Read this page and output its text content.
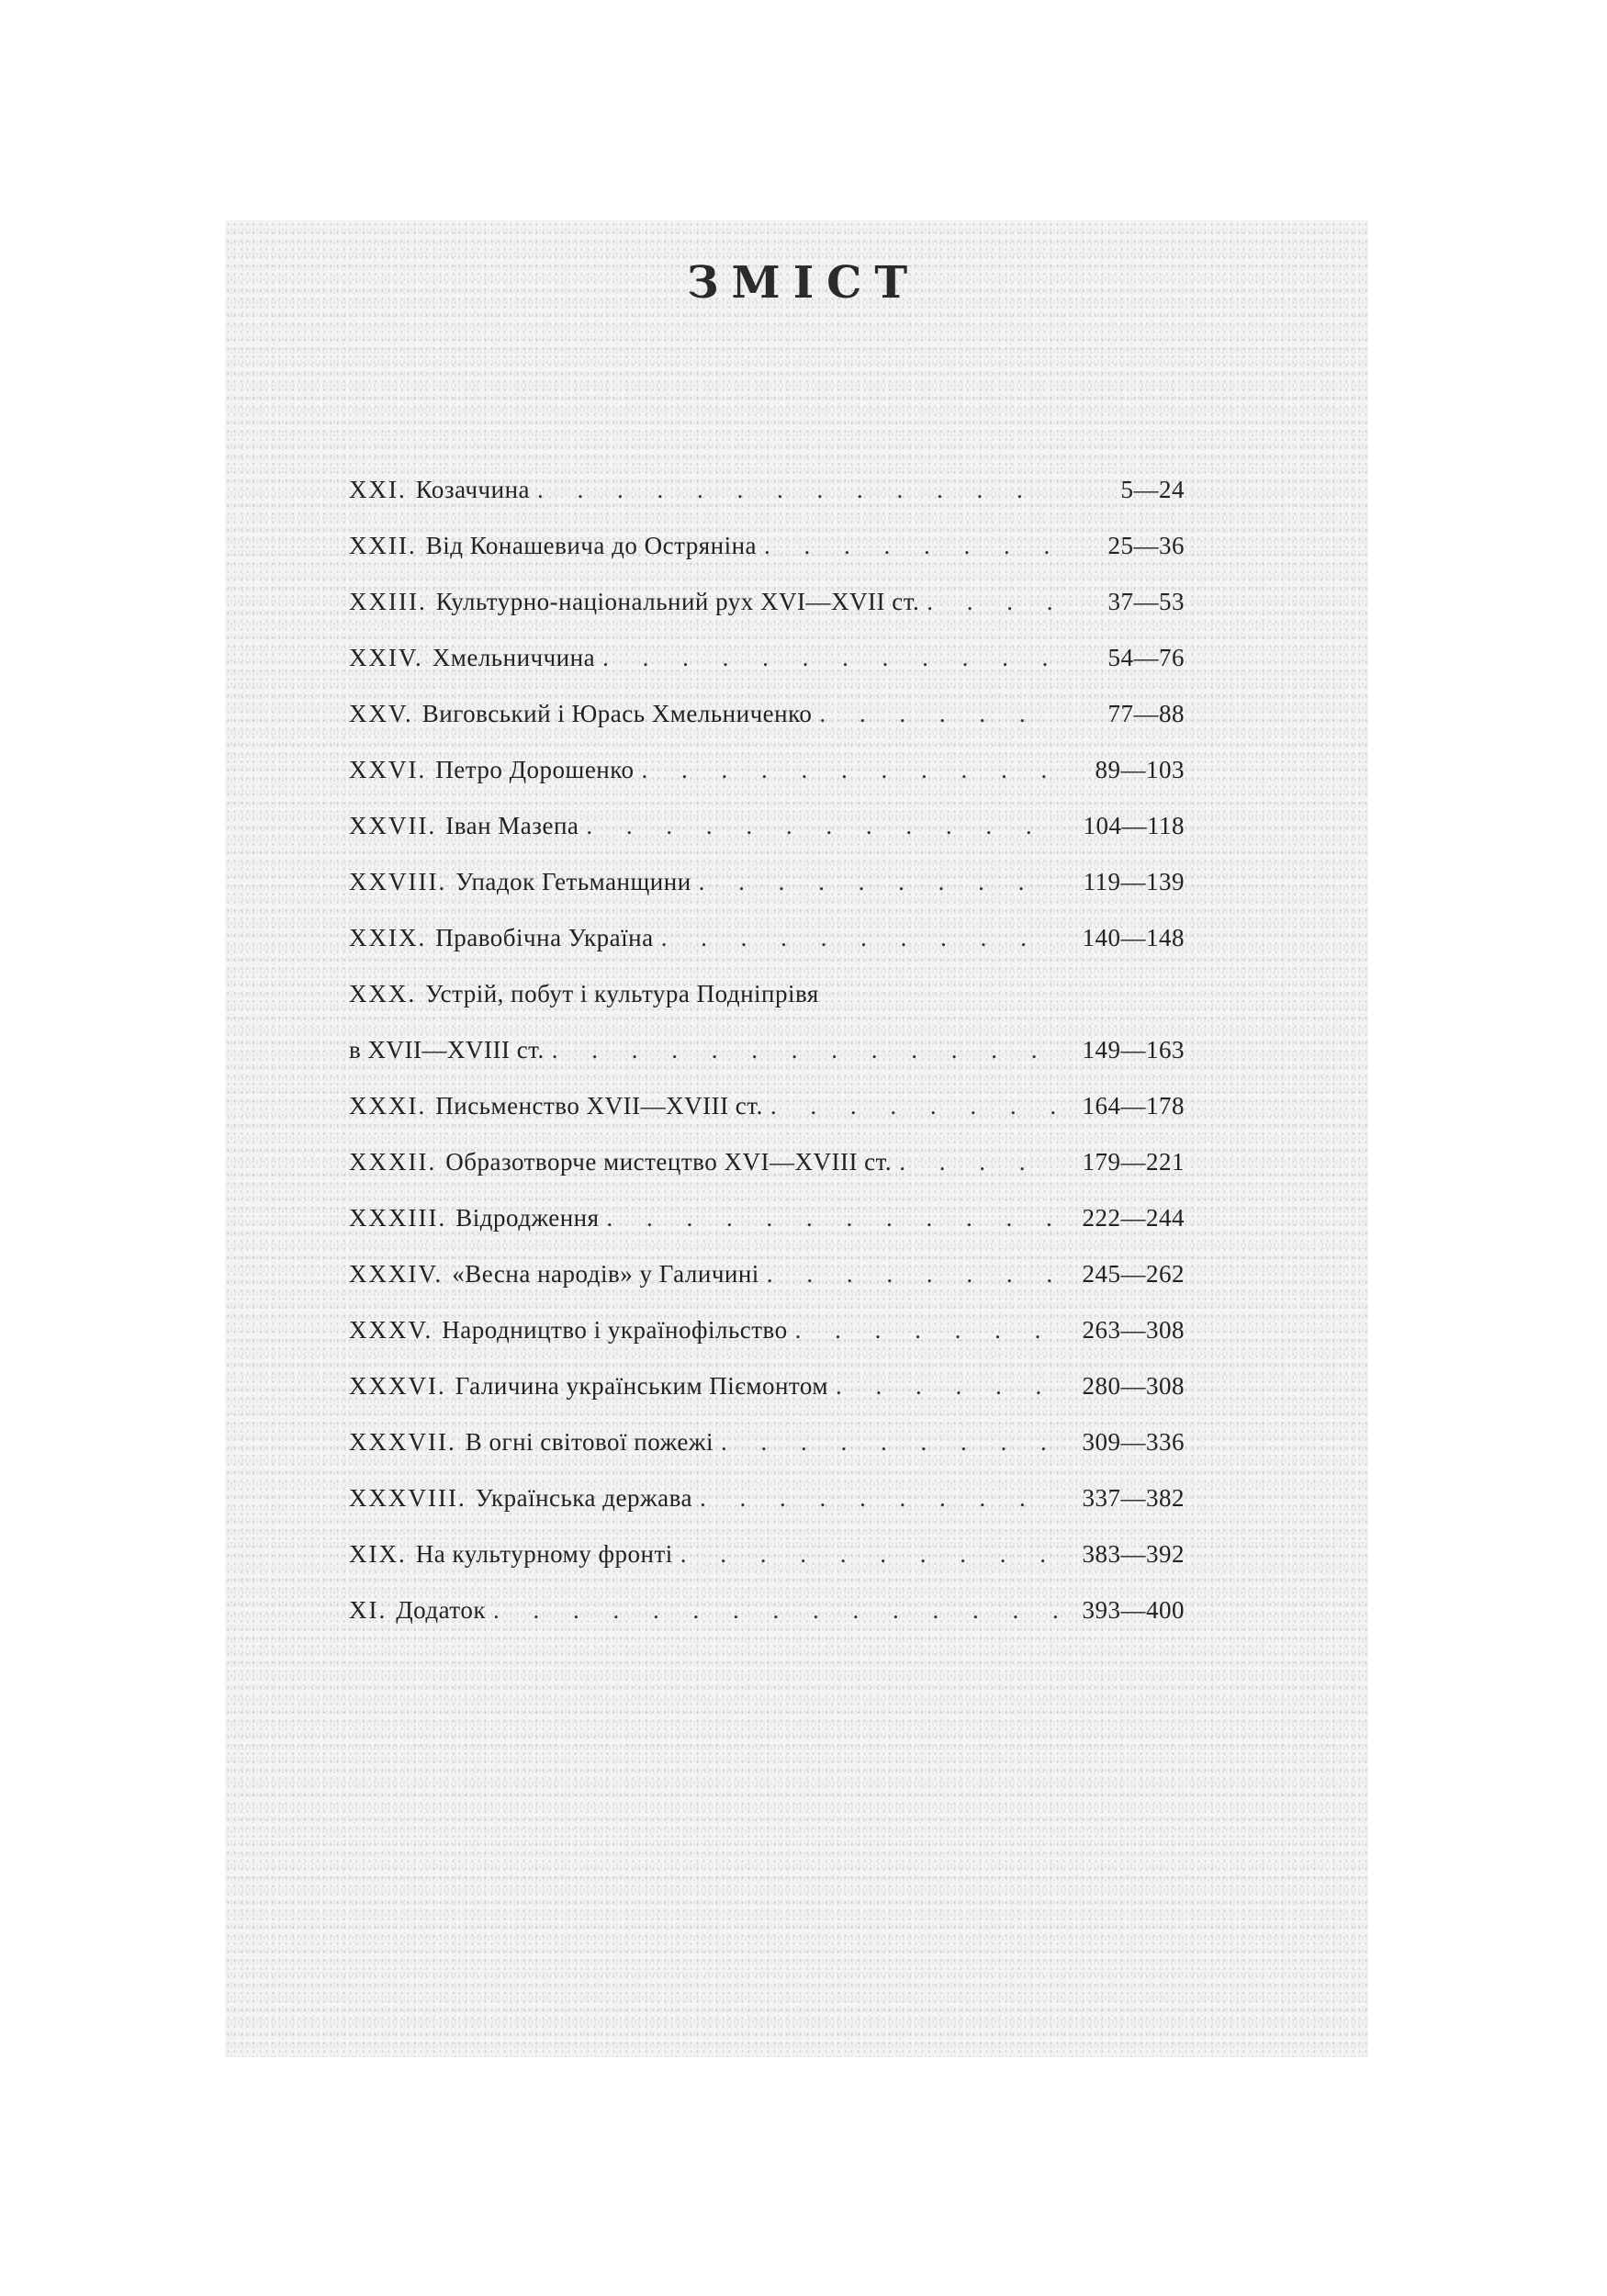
ЗМІСТ
XXI. Козаччина . . .	5—24
XXII. Від Конашевича до Остряніна . . .	25—36
XXIII. Культурно-національний рух XVI—XVII ст. . . .	37—53
XXIV. Хмельниччина . . .	54—76
XXV. Виговський і Юрась Хмельниченко . . .	77—88
XXVI. Петро Дорошенко . . .	89—103
XXVII. Іван Мазепа . . .	104—118
XXVIII. Упадок Гетьманщини . . .	119—139
XXIX. Правобічна Україна . . .	140—148
XXX. Устрій, побут і культура Подніпрівя
в XVII—XVIII ст. . . .	149—163
XXXI. Письменство XVII—XVIII ст. . . .	164—178
XXXII. Образотворче мистецтво XVI—XVIII ст. . . .	179—221
XXXIII. Відродження . . .	222—244
XXXIV. «Весна народів» у Галичині . . .	245—262
XXXV. Народництво і українофільство . . .	263—308
XXXVI. Галичина українським Піємонтом . . .	280—308
XXXVII. В огні світової пожежі . . .	309—336
XXXVIII. Українська держава . . .	337—382
XIX. На культурному фронті . . .	383—392
XI. Додаток . . .	393—400
